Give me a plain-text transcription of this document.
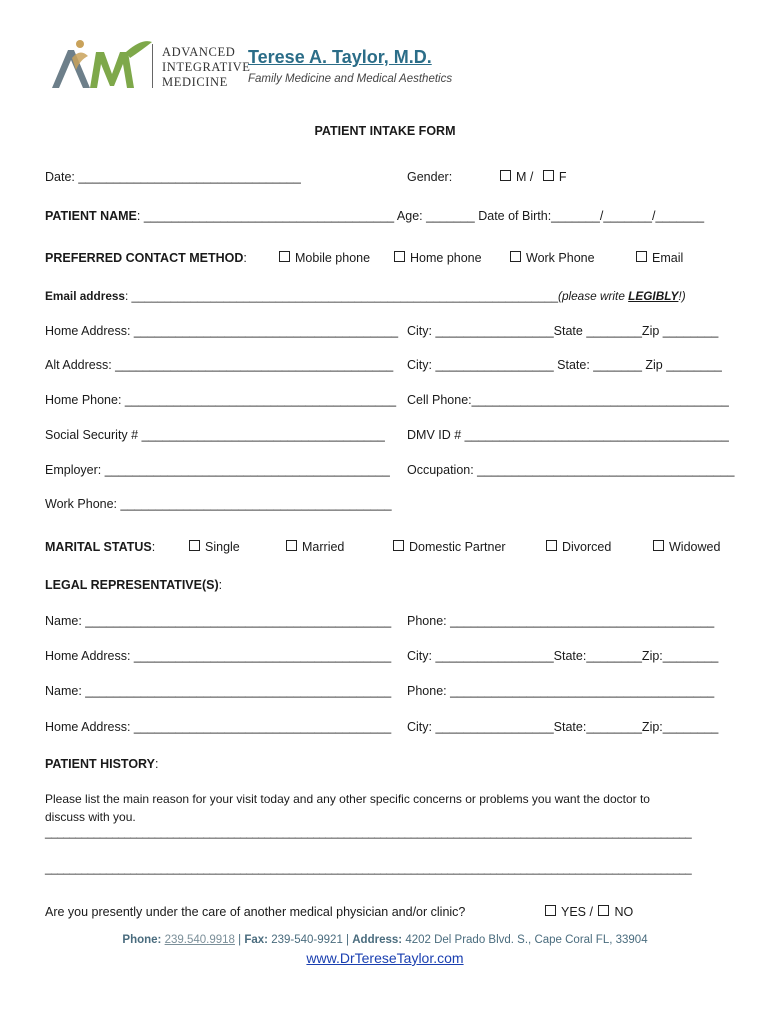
ADVANCED
INTEGRATIVE
MEDICINE
Terese A. Taylor, M.D.
Family Medicine and Medical Aesthetics
PATIENT INTAKE FORM
Date: ________________________________	Gender:	M / F
PATIENT NAME: ____________________________________ Age: _______ Date of Birth:_______/_______/_______
PREFERRED CONTACT METHOD:	Mobile phone	Home phone	Work Phone	Email
Email address: _________________________________________________________________(please write LEGIBLY!)
Home Address: ______________________________________ City: _________________State ________Zip ________
Alt Address: ________________________________________ City: _________________ State: _______ Zip ________
Home Phone: _______________________________________ Cell Phone:_____________________________________
Social Security # ___________________________________ DMV ID # ______________________________________
Employer: _________________________________________ Occupation: _____________________________________
Work Phone: _______________________________________
MARITAL STATUS:	Single	Married	Domestic Partner	Divorced	Widowed
LEGAL REPRESENTATIVE(S):
Name: ____________________________________________ Phone: ______________________________________
Home Address: _____________________________________ City: _________________State:________Zip:________
Name: ____________________________________________ Phone: ______________________________________
Home Address: _____________________________________ City: _________________State:________Zip:________
PATIENT HISTORY:
Please list the main reason for your visit today and any other specific concerns or problems you want the doctor to
discuss with you.
__________________________________________________________________________________________________________
__________________________________________________________________________________________________________
Are you presently under the care of another medical physician and/or clinic?	YES / NO
Phone: 239.540.9918 | Fax: 239-540-9921 | Address: 4202 Del Prado Blvd. S., Cape Coral FL, 33904
www.DrTereseTaylor.com
